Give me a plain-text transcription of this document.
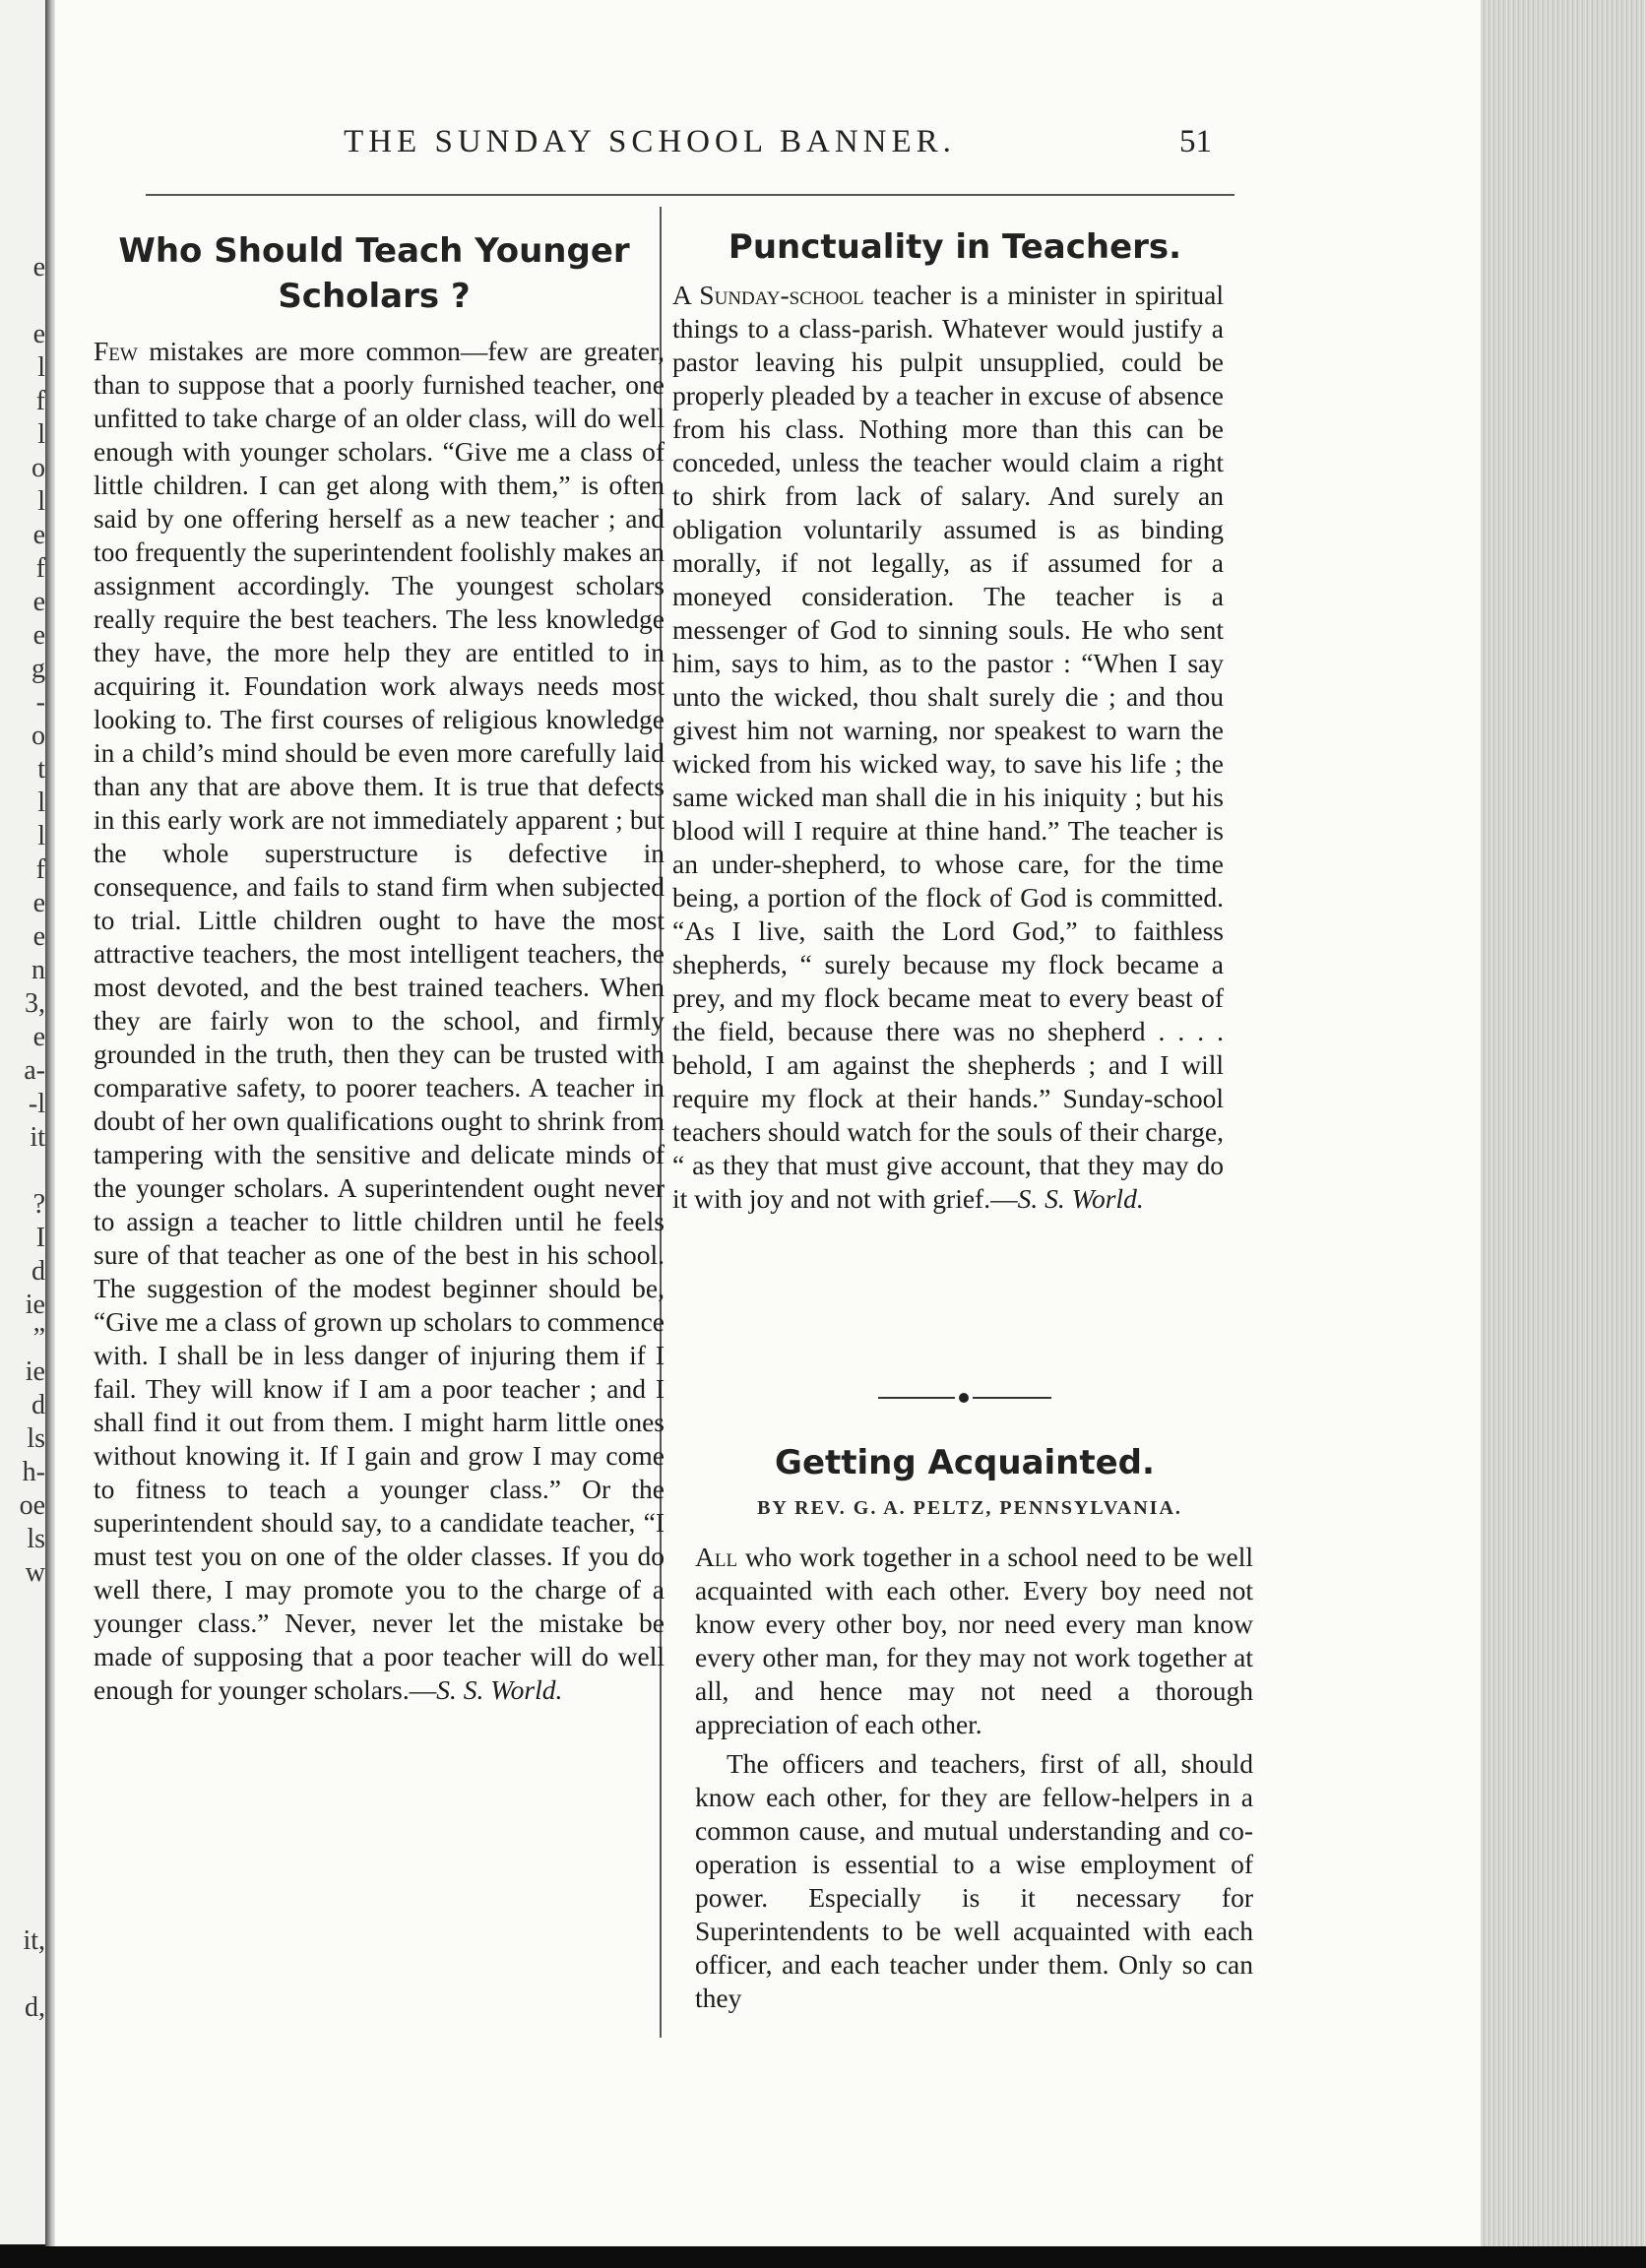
e
e
l
f
l
o
l
e
f
e
e
g
-
o
t
l
l
f
e
e
n
3,
e
a-
-l
it
?
I
d
ie
”
ie
d
ls
h-
oe
ls
w
it,
d,
THE SUNDAY SCHOOL BANNER.	51
Who Should Teach Younger Scholars ?

Few mistakes are more common—few are greater, than to suppose that a poorly furnished teacher, one unfitted to take charge of an older class, will do well enough with younger scholars. “Give me a class of little children. I can get along with them,” is often said by one offering herself as a new teacher ; and too frequently the superintendent foolishly makes an assignment accordingly. The youngest scholars really require the best teachers. The less knowledge they have, the more help they are entitled to in acquiring it. Foundation work always needs most looking to. The first courses of religious knowledge in a child’s mind should be even more carefully laid than any that are above them. It is true that defects in this early work are not immediately apparent ; but the whole superstructure is defective in consequence, and fails to stand firm when subjected to trial. Little children ought to have the most attractive teachers, the most intelligent teachers, the most devoted, and the best trained teachers. When they are fairly won to the school, and firmly grounded in the truth, then they can be trusted with comparative safety, to poorer teachers. A teacher in doubt of her own qualifications ought to shrink from tampering with the sensitive and delicate minds of the younger scholars. A superintendent ought never to assign a teacher to little children until he feels sure of that teacher as one of the best in his school. The suggestion of the modest beginner should be, “Give me a class of grown up scholars to commence with. I shall be in less danger of injuring them if I fail. They will know if I am a poor teacher ; and I shall find it out from them. I might harm little ones without knowing it. If I gain and grow I may come to fitness to teach a younger class.” Or the superintendent should say, to a candidate teacher, “I must test you on one of the older classes. If you do well there, I may promote you to the charge of a younger class.” Never, never let the mistake be made of supposing that a poor teacher will do well enough for younger scholars.—S. S. World.

Punctuality in Teachers.

A Sunday-school teacher is a minister in spiritual things to a class-parish. Whatever would justify a pastor leaving his pulpit unsupplied, could be properly pleaded by a teacher in excuse of absence from his class. Nothing more than this can be conceded, unless the teacher would claim a right to shirk from lack of salary. And surely an obligation voluntarily assumed is as binding morally, if not legally, as if assumed for a moneyed consideration. The teacher is a messenger of God to sinning souls. He who sent him, says to him, as to the pastor : “When I say unto the wicked, thou shalt surely die ; and thou givest him not warning, nor speakest to warn the wicked from his wicked way, to save his life ; the same wicked man shall die in his iniquity ; but his blood will I require at thine hand.” The teacher is an under-shepherd, to whose care, for the time being, a portion of the flock of God is committed. “As I live, saith the Lord God,” to faithless shepherds, “ surely because my flock became a prey, and my flock became meat to every beast of the field, because there was no shepherd . . . . behold, I am against the shepherds ; and I will require my flock at their hands.” Sunday-school teachers should watch for the souls of their charge, “ as they that must give account, that they may do it with joy and not with grief.—S. S. World.

Getting Acquainted.
BY REV. G. A. PELTZ, PENNSYLVANIA.

All who work together in a school need to be well acquainted with each other. Every boy need not know every other boy, nor need every man know every other man, for they may not work together at all, and hence may not need a thorough appreciation of each other.

The officers and teachers, first of all, should know each other, for they are fellow-helpers in a common cause, and mutual understanding and co-operation is essential to a wise employment of power. Especially is it necessary for Superintendents to be well acquainted with each officer, and each teacher under them. Only so can they
